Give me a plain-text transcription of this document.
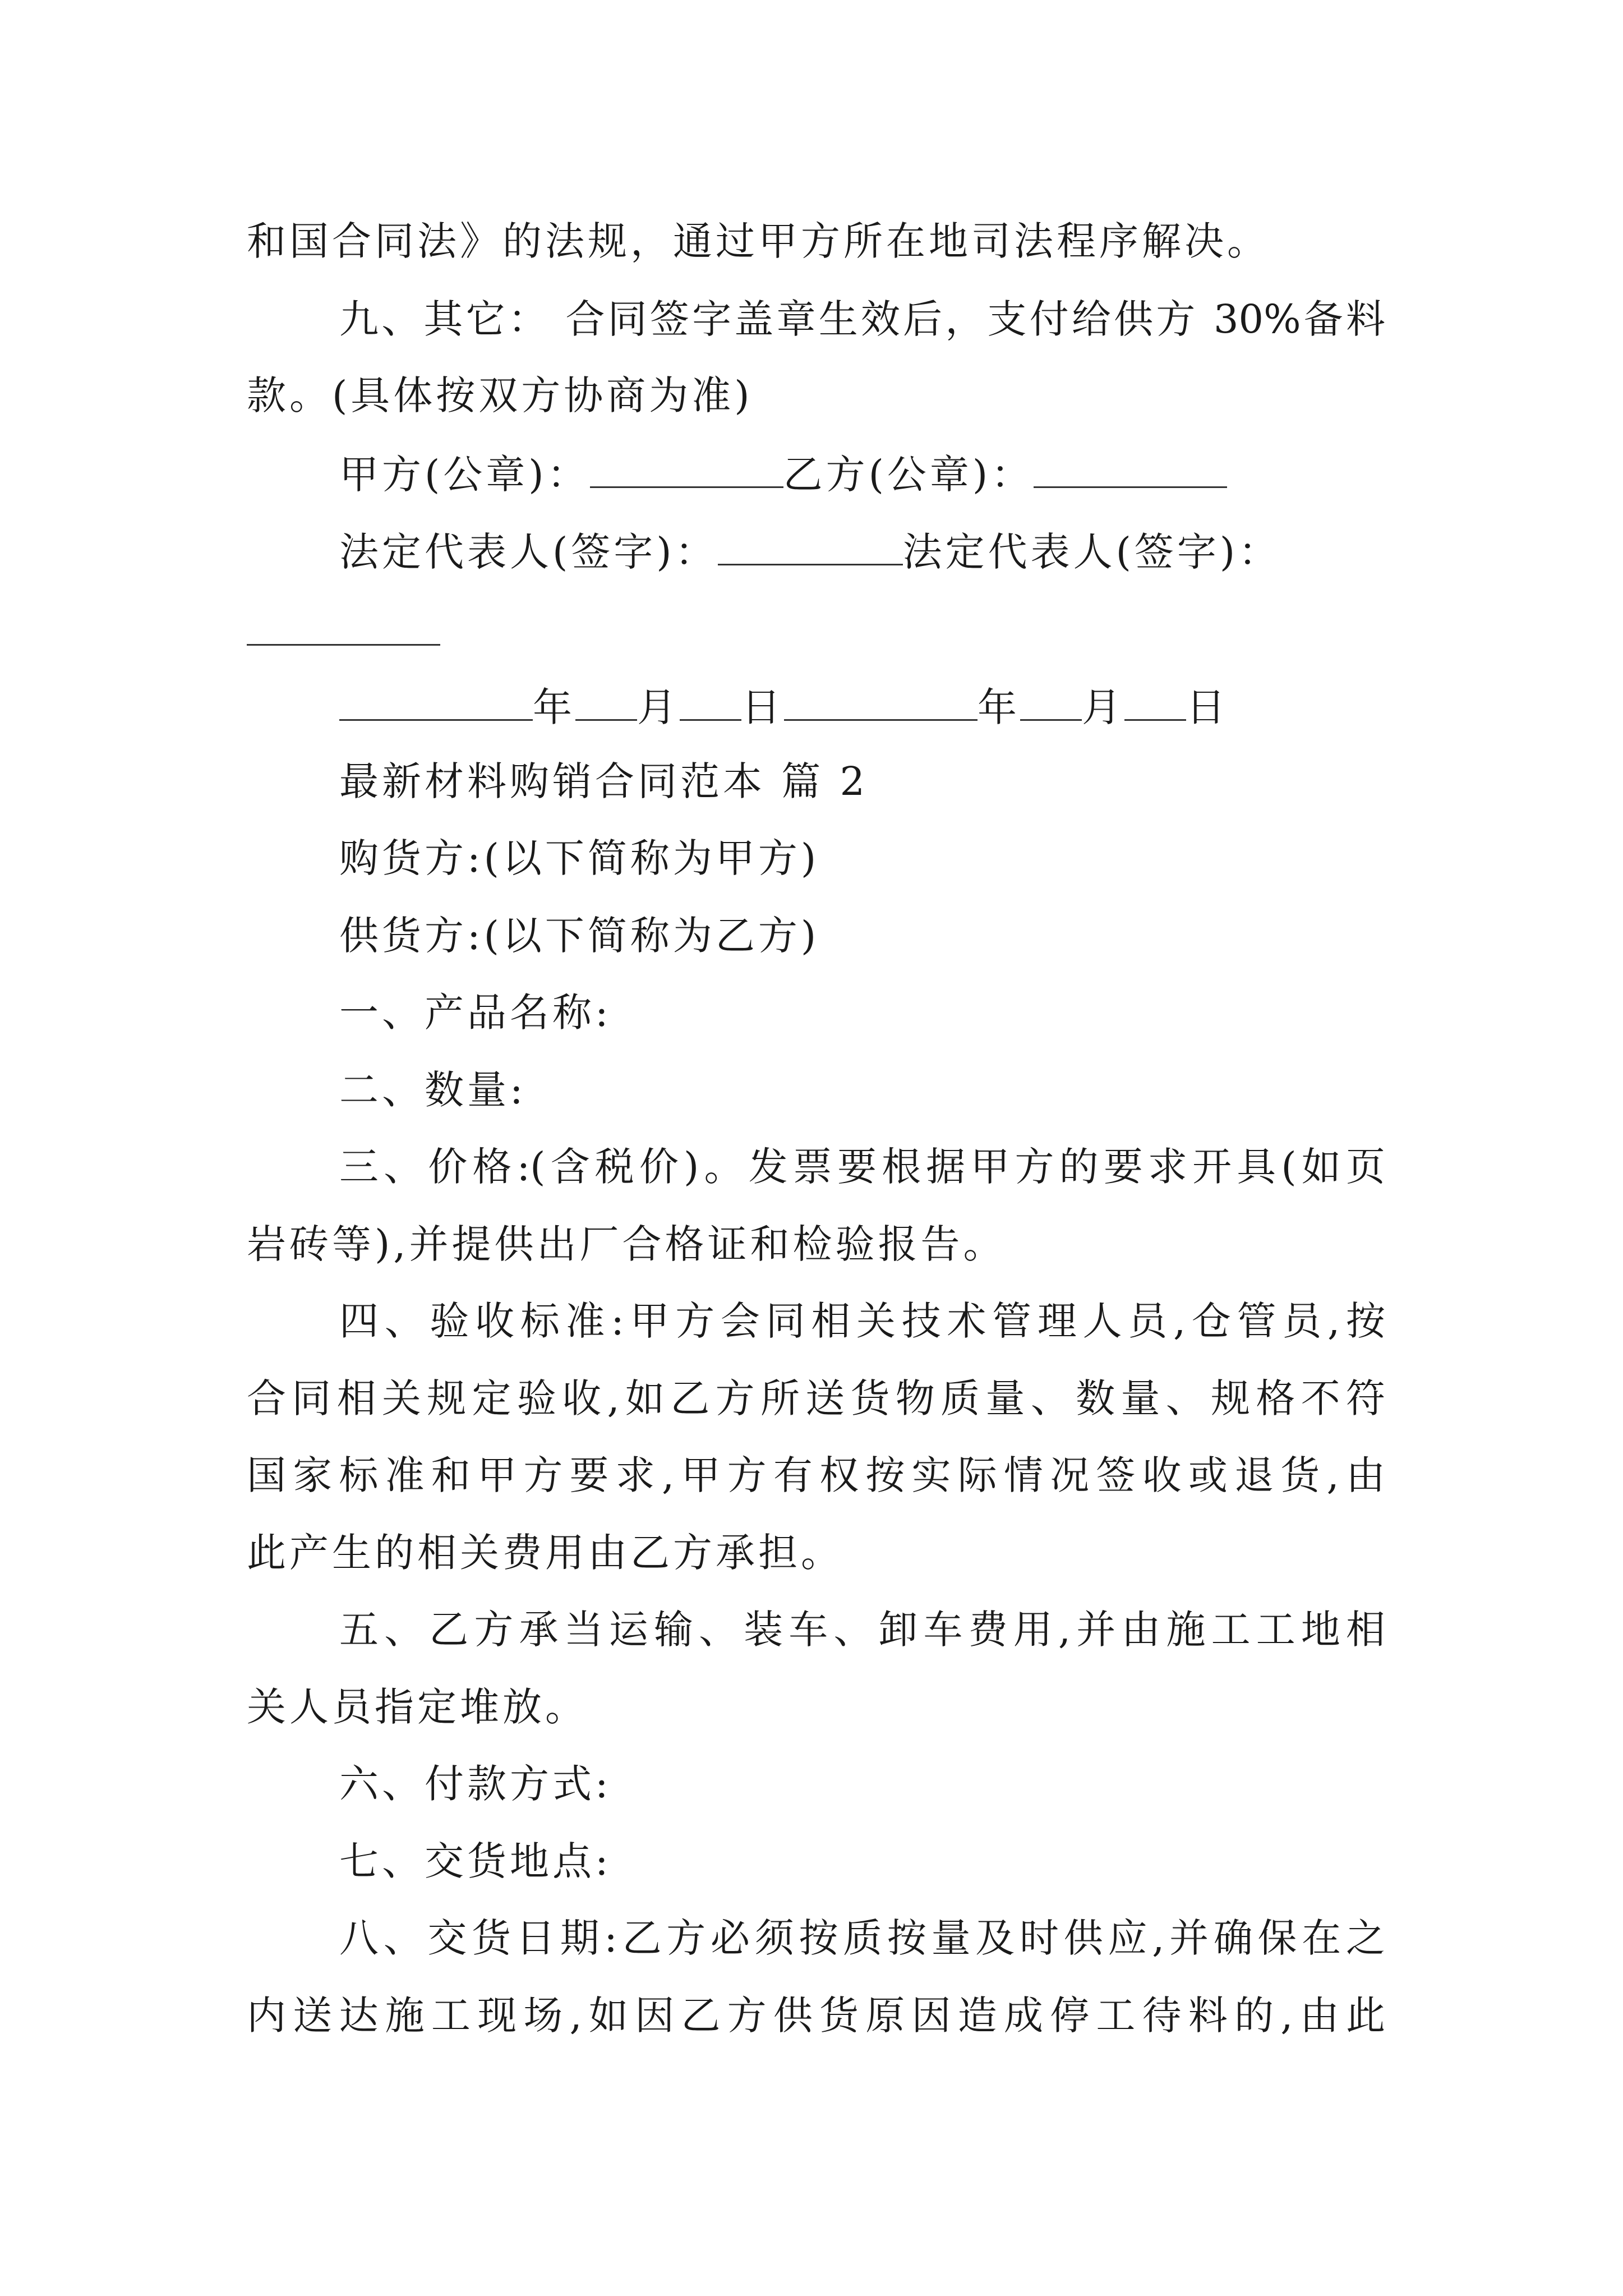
和国合同法》的法规，通过甲方所在地司法程序解决。
九、其它： 合同签字盖章生效后，支付给供方 30%备料
款。(具体按双方协商为准)
甲方(公章)：	乙方(公章)：
法定代表人(签字)：	法定代表人(签字)：
年 月 日	年 月 日
最新材料购销合同范本 篇 2
购货方:(以下简称为甲方)
供货方:(以下简称为乙方)
一、产品名称:
二、数量:
三、价格:(含税价)。发票要根据甲方的要求开具(如页
岩砖等),并提供出厂合格证和检验报告。
四、验收标准:甲方会同相关技术管理人员,仓管员,按
合同相关规定验收,如乙方所送货物质量、数量、规格不符
国家标准和甲方要求,甲方有权按实际情况签收或退货,由
此产生的相关费用由乙方承担。
五、乙方承当运输、装车、卸车费用,并由施工工地相
关人员指定堆放。
六、付款方式:
七、交货地点:
八、交货日期:乙方必须按质按量及时供应,并确保在之
内送达施工现场,如因乙方供货原因造成停工待料的,由此
